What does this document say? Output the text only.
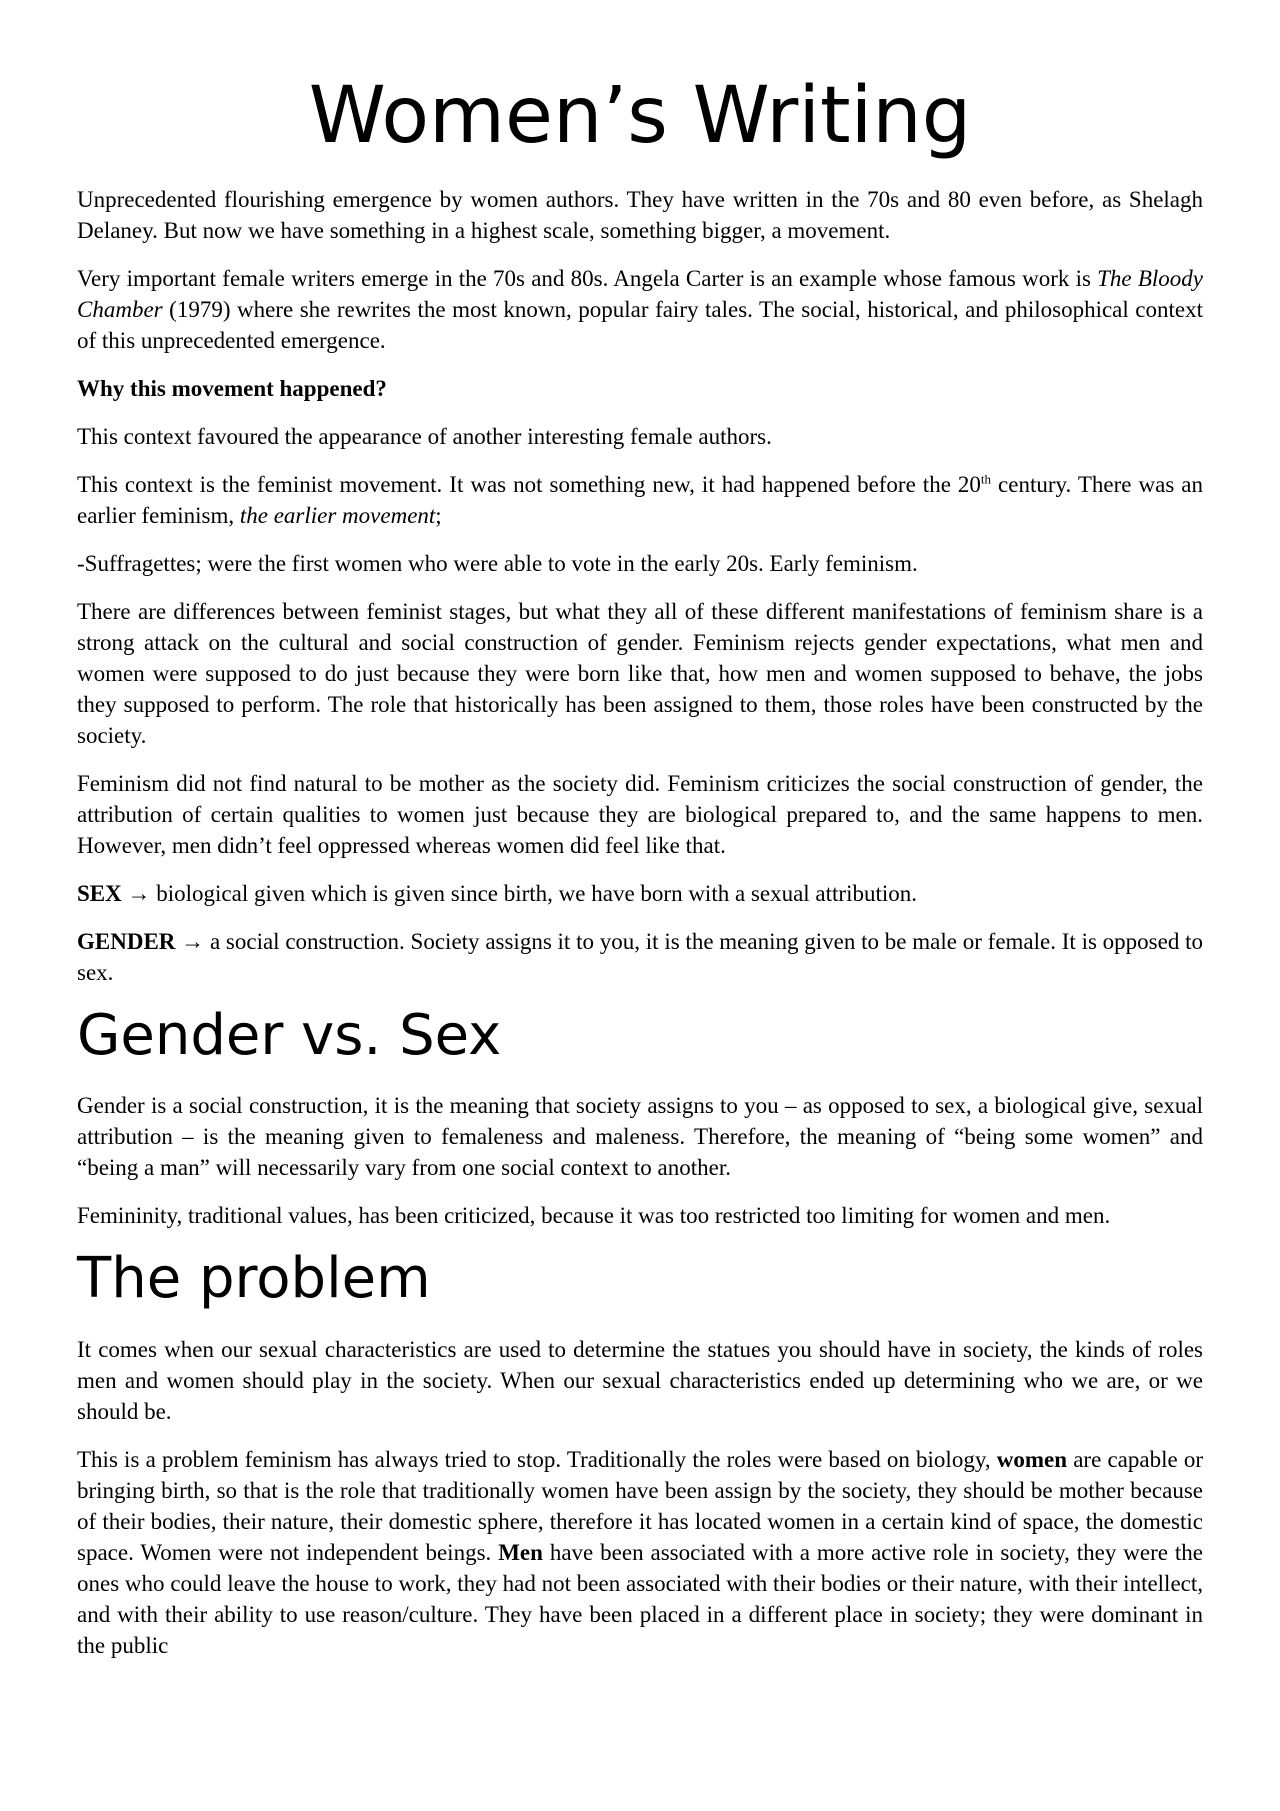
Women’s Writing

Unprecedented flourishing emergence by women authors. They have written in the 70s and 80 even before, as Shelagh Delaney. But now we have something in a highest scale, something bigger, a movement.

Very important female writers emerge in the 70s and 80s. Angela Carter is an example whose famous work is The Bloody Chamber (1979) where she rewrites the most known, popular fairy tales. The social, historical, and philosophical context of this unprecedented emergence.

Why this movement happened?

This context favoured the appearance of another interesting female authors.

This context is the feminist movement. It was not something new, it had happened before the 20th century. There was an earlier feminism, the earlier movement;

-Suffragettes; were the first women who were able to vote in the early 20s. Early feminism.

There are differences between feminist stages, but what they all of these different manifestations of feminism share is a strong attack on the cultural and social construction of gender. Feminism rejects gender expectations, what men and women were supposed to do just because they were born like that, how men and women supposed to behave, the jobs they supposed to perform. The role that historically has been assigned to them, those roles have been constructed by the society.

Feminism did not find natural to be mother as the society did. Feminism criticizes the social construction of gender, the attribution of certain qualities to women just because they are biological prepared to, and the same happens to men. However, men didn’t feel oppressed whereas women did feel like that.

SEX → biological given which is given since birth, we have born with a sexual attribution.

GENDER → a social construction. Society assigns it to you, it is the meaning given to be male or female. It is opposed to sex.

Gender vs. Sex

Gender is a social construction, it is the meaning that society assigns to you – as opposed to sex, a biological give, sexual attribution – is the meaning given to femaleness and maleness. Therefore, the meaning of “being some women” and “being a man” will necessarily vary from one social context to another.

Femininity, traditional values, has been criticized, because it was too restricted too limiting for women and men.

The problem

It comes when our sexual characteristics are used to determine the statues you should have in society, the kinds of roles men and women should play in the society. When our sexual characteristics ended up determining who we are, or we should be.

This is a problem feminism has always tried to stop. Traditionally the roles were based on biology, women are capable or bringing birth, so that is the role that traditionally women have been assign by the society, they should be mother because of their bodies, their nature, their domestic sphere, therefore it has located women in a certain kind of space, the domestic space. Women were not independent beings. Men have been associated with a more active role in society, they were the ones who could leave the house to work, they had not been associated with their bodies or their nature, with their intellect, and with their ability to use reason/culture. They have been placed in a different place in society; they were dominant in the public
